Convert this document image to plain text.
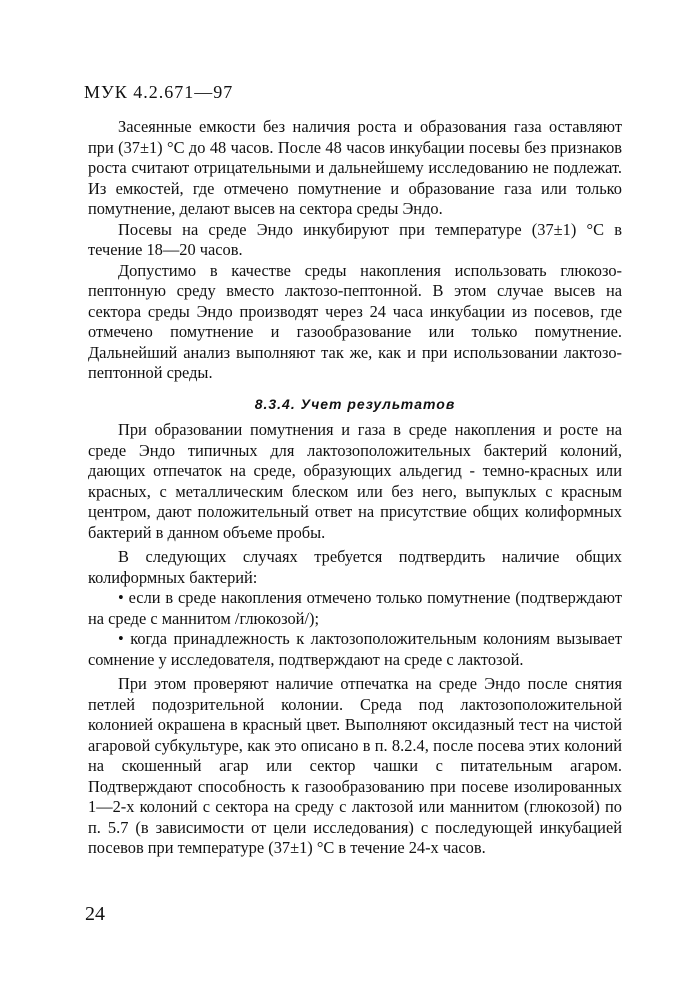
МУК 4.2.671—97

Засеянные емкости без наличия роста и образования газа оставляют при (37±1) °С до 48 часов. После 48 часов инкубации посевы без признаков роста считают отрицательными и дальнейшему исследованию не подлежат. Из емкостей, где отмечено помутнение и образование газа или только помутнение, делают высев на сектора среды Эндо.

Посевы на среде Эндо инкубируют при температуре (37±1) °С в течение 18—20 часов.

Допустимо в качестве среды накопления использовать глюкозо-пептонную среду вместо лактозо-пептонной. В этом случае высев на сектора среды Эндо производят через 24 часа инкубации из посевов, где отмечено помутнение и газообразование или только помутнение. Дальнейший анализ выполняют так же, как и при использовании лактозо-пептонной среды.

8.3.4. Учет результатов

При образовании помутнения и газа в среде накопления и росте на среде Эндо типичных для лактозоположительных бактерий колоний, дающих отпечаток на среде, образующих альдегид - темно-красных или красных, с металлическим блеском или без него, выпуклых с красным центром, дают положительный ответ на присутствие общих колиформных бактерий в данном объеме пробы.

В следующих случаях требуется подтвердить наличие общих колиформных бактерий:

• если в среде накопления отмечено только помутнение (подтверждают на среде с маннитом /глюкозой/);

• когда принадлежность к лактозоположительным колониям вызывает сомнение у исследователя, подтверждают на среде с лактозой.

При этом проверяют наличие отпечатка на среде Эндо после снятия петлей подозрительной колонии. Среда под лактозоположительной колонией окрашена в красный цвет. Выполняют оксидазный тест на чистой агаровой субкультуре, как это описано в п. 8.2.4, после посева этих колоний на скошенный агар или сектор чашки с питательным агаром. Подтверждают способность к газообразованию при посеве изолированных 1—2-х колоний с сектора на среду с лактозой или маннитом (глюкозой) по п. 5.7 (в зависимости от цели исследования) с последующей инкубацией посевов при температуре (37±1) °С в течение 24-х часов.

24
